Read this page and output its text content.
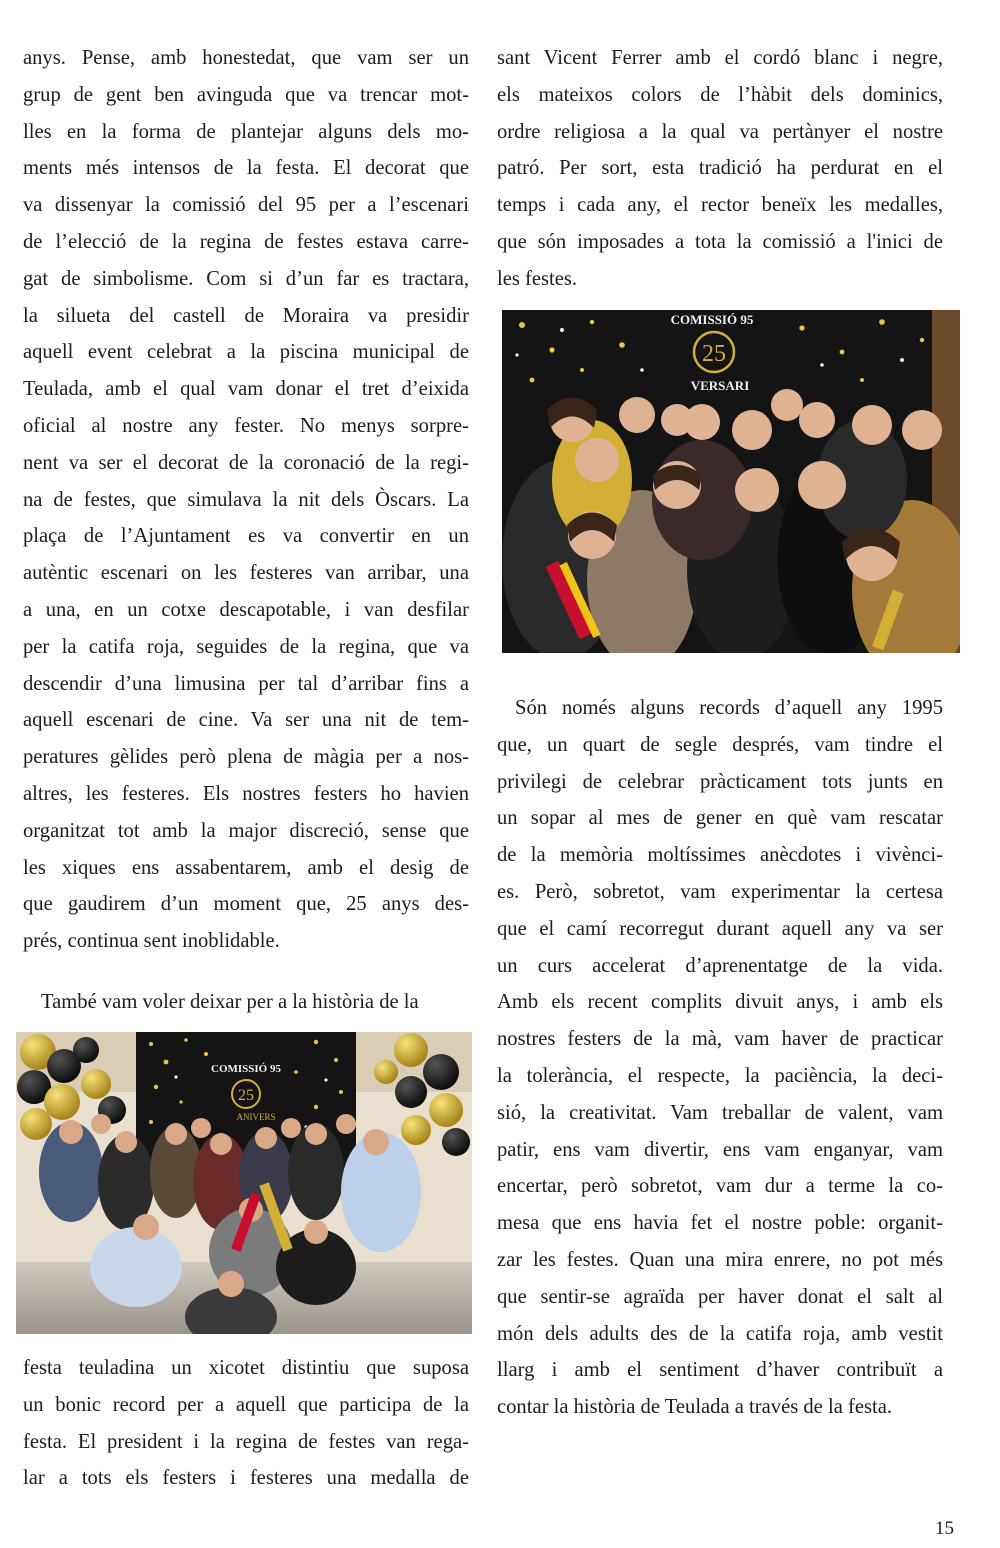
anys. Pense, amb honestedat, que vam ser un

grup de gent ben avinguda que va trencar mot-

lles en la forma de plantejar alguns dels mo-

ments més intensos de la festa. El decorat que

va dissenyar la comissió del 95 per a l’escenari

de l’elecció de la regina de festes estava carre-

gat de simbolisme. Com si d’un far es tractara,

la silueta del castell de Moraira va presidir

aquell event celebrat a la piscina municipal de

Teulada, amb el qual vam donar el tret d’eixida

oficial al nostre any fester. No menys sorpre-

nent va ser el decorat de la coronació de la regi-

na de festes, que simulava la nit dels Òscars. La

plaça de l’Ajuntament es va convertir en un

autèntic escenari on les festeres van arribar, una

a una, en un cotxe descapotable, i van desfilar

per la catifa roja, seguides de la regina, que va

descendir d’una limusina per tal d’arribar fins a

aquell escenari de cine. Va ser una nit de tem-

peratures gèlides però plena de màgia per a nos-

altres, les festeres. Els nostres festers ho havien

organitzat tot amb la major discreció, sense que

les xiques ens assabentarem, amb el desig de

que gaudirem d’un moment que, 25 anys des-

prés, continua sent inoblidable.

També vam voler deixar per a la història de la

COMISSIÓ 95
25
ANIVERS

festa teuladina un xicotet distintiu que suposa

un bonic record per a aquell que participa de la

festa. El president i la regina de festes van rega-

lar a tots els festers i festeres una medalla de

sant Vicent Ferrer amb el cordó blanc i negre,

els mateixos colors de l’hàbit dels dominics,

ordre religiosa a la qual va pertànyer el nostre

patró. Per sort, esta tradició ha perdurat en el

temps i cada any, el rector beneïx les medalles,

que són imposades a tota la comissió a l'inici de

les festes.

COMISSIÓ 95
25
VERSARI

Són només alguns records d’aquell any 1995

que, un quart de segle després, vam tindre el

privilegi de celebrar pràcticament tots junts en

un sopar al mes de gener en què vam rescatar

de la memòria moltíssimes anècdotes i vivènci-

es. Però, sobretot, vam experimentar la certesa

que el camí recorregut durant aquell any va ser

un curs accelerat d’aprenentatge de la vida.

Amb els recent complits divuit anys, i amb els

nostres festers de la mà, vam haver de practicar

la tolerància, el respecte, la paciència, la deci-

sió, la creativitat. Vam treballar de valent, vam

patir, ens vam divertir, ens vam enganyar, vam

encertar, però sobretot, vam dur a terme la co-

mesa que ens havia fet el nostre poble: organit-

zar les festes. Quan una mira enrere, no pot més

que sentir-se agraïda per haver donat el salt al

món dels adults des de la catifa roja, amb vestit

llarg i amb el sentiment d’haver contribuït a

contar la història de Teulada a través de la festa.

15
